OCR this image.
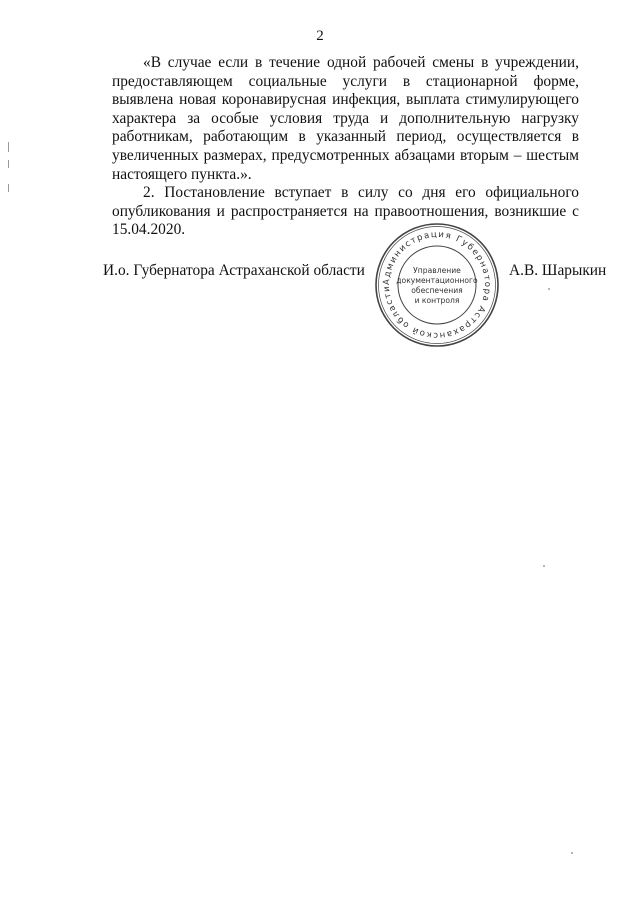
2

«В случае если в течение одной рабочей смены в учреждении, предоставляющем социальные услуги в стационарной форме, выявлена новая коронавирусная инфекция, выплата стимулирующего характера за особые условия труда и дополнительную нагрузку работникам, работающим в указанный период, осуществляется в увеличенных размерах, предусмотренных абзацами вторым – шестым настоящего пункта.».

2. Постановление вступает в силу со дня его официального опубликования и распространяется на правоотношения, возникшие с 15.04.2020.

И.о. Губернатора Астраханской области
Администрация Губернатора Астраханской области
Управление
документационного
обеспечения
и контроля
А.В. Шарыкин
